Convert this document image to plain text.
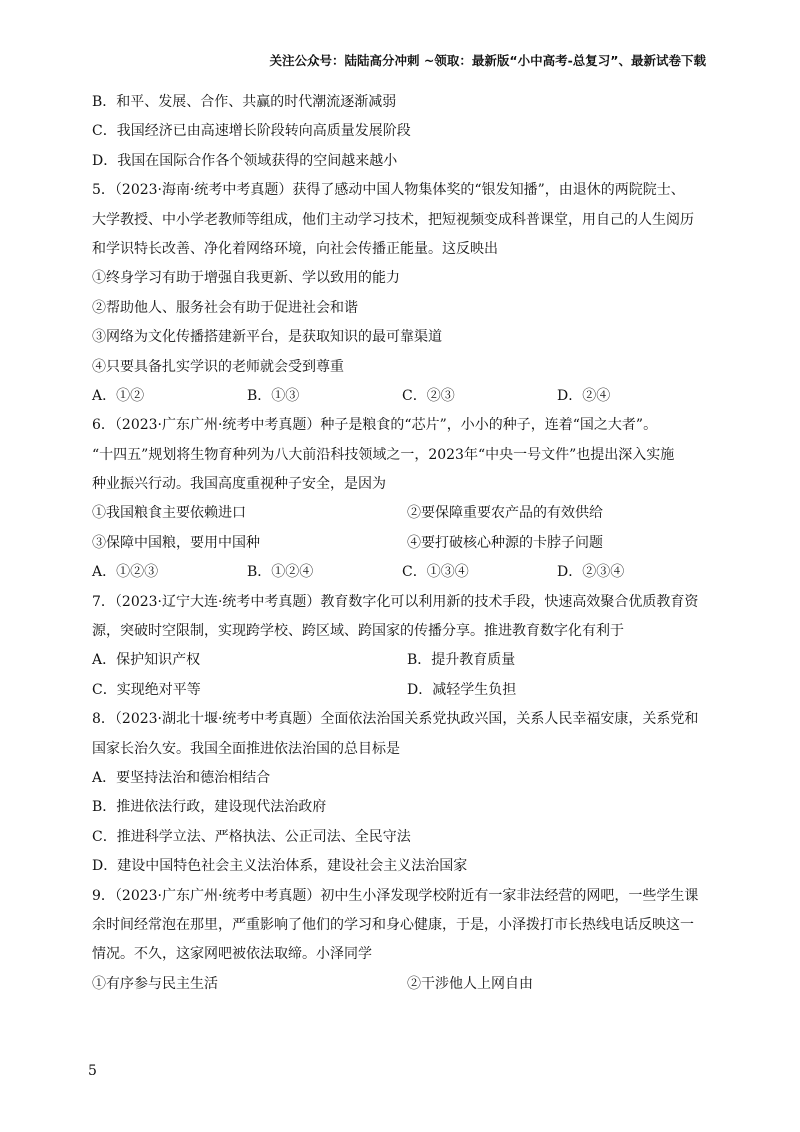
关注公众号：陆陆高分冲刺 ~领取：最新版“小中高考-总复习”、最新试卷下载
B．和平、发展、合作、共赢的时代潮流逐渐减弱
C．我国经济已由高速增长阶段转向高质量发展阶段
D．我国在国际合作各个领域获得的空间越来越小
5．（2023·海南·统考中考真题）获得了感动中国人物集体奖的“银发知播”，由退休的两院院士、
大学教授、中小学老教师等组成，他们主动学习技术，把短视频变成科普课堂，用自己的人生阅历
和学识特长改善、净化着网络环境，向社会传播正能量。这反映出
①终身学习有助于增强自我更新、学以致用的能力
②帮助他人、服务社会有助于促进社会和谐
③网络为文化传播搭建新平台，是获取知识的最可靠渠道
④只要具备扎实学识的老师就会受到尊重
A．①②	B．①③	C．②③	D．②④
6．（2023·广东广州·统考中考真题）种子是粮食的“芯片”，小小的种子，连着“国之大者”。
“十四五”规划将生物育种列为八大前沿科技领域之一，2023年“中央一号文件”也提出深入实施
种业振兴行动。我国高度重视种子安全，是因为
①我国粮食主要依赖进口	②要保障重要农产品的有效供给
③保障中国粮，要用中国种	④要打破核心种源的卡脖子问题
A．①②③	B．①②④	C．①③④	D．②③④
7．（2023·辽宁大连·统考中考真题）教育数字化可以利用新的技术手段，快速高效聚合优质教育资
源，突破时空限制，实现跨学校、跨区域、跨国家的传播分享。推进教育数字化有利于
A．保护知识产权	B．提升教育质量
C．实现绝对平等	D．减轻学生负担
8．（2023·湖北十堰·统考中考真题）全面依法治国关系党执政兴国，关系人民幸福安康，关系党和
国家长治久安。我国全面推进依法治国的总目标是
A．要坚持法治和德治相结合
B．推进依法行政，建设现代法治政府
C．推进科学立法、严格执法、公正司法、全民守法
D．建设中国特色社会主义法治体系，建设社会主义法治国家
9．（2023·广东广州·统考中考真题）初中生小泽发现学校附近有一家非法经营的网吧，一些学生课
余时间经常泡在那里，严重影响了他们的学习和身心健康，于是，小泽拨打市长热线电话反映这一
情况。不久，这家网吧被依法取缔。小泽同学
①有序参与民主生活	②干涉他人上网自由
5
